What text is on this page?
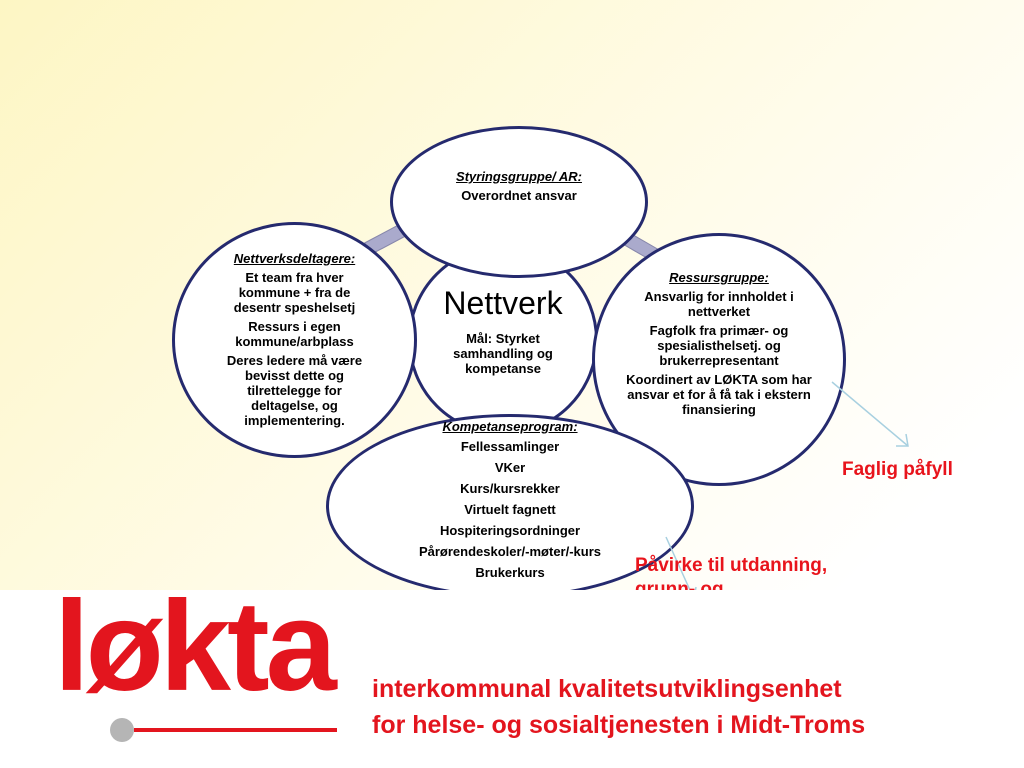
Nettverk
Mål: Styrket samhandling og kompetanse
Nettverksdeltagere:

Et team fra hver kommune + fra de desentr speshelsetj

Ressurs i egen kommune/arbplass

Deres ledere må være bevisst dette og tilrettelegge for deltagelse, og implementering.

Ressursgruppe:

Ansvarlig for innholdet i nettverket

Fagfolk fra primær- og spesialisthelsetj. og brukerrepresentant

Koordinert av LØKTA som har ansvar et for å få tak i ekstern finansiering

Styringsgruppe/ AR:

Overordnet ansvar

Kompetanseprogram:

Fellessamlinger

VKer

Kurs/kursrekker

Virtuelt fagnett

Hospiteringsordninger

Pårørendeskoler/-møter/-kurs

Brukerkurs

Faglig påfyll
Påvirke til utdanning,
løkta interkommunal kvalitetsutviklingsenhet
for helse- og sosialtjenesten i Midt-Troms
